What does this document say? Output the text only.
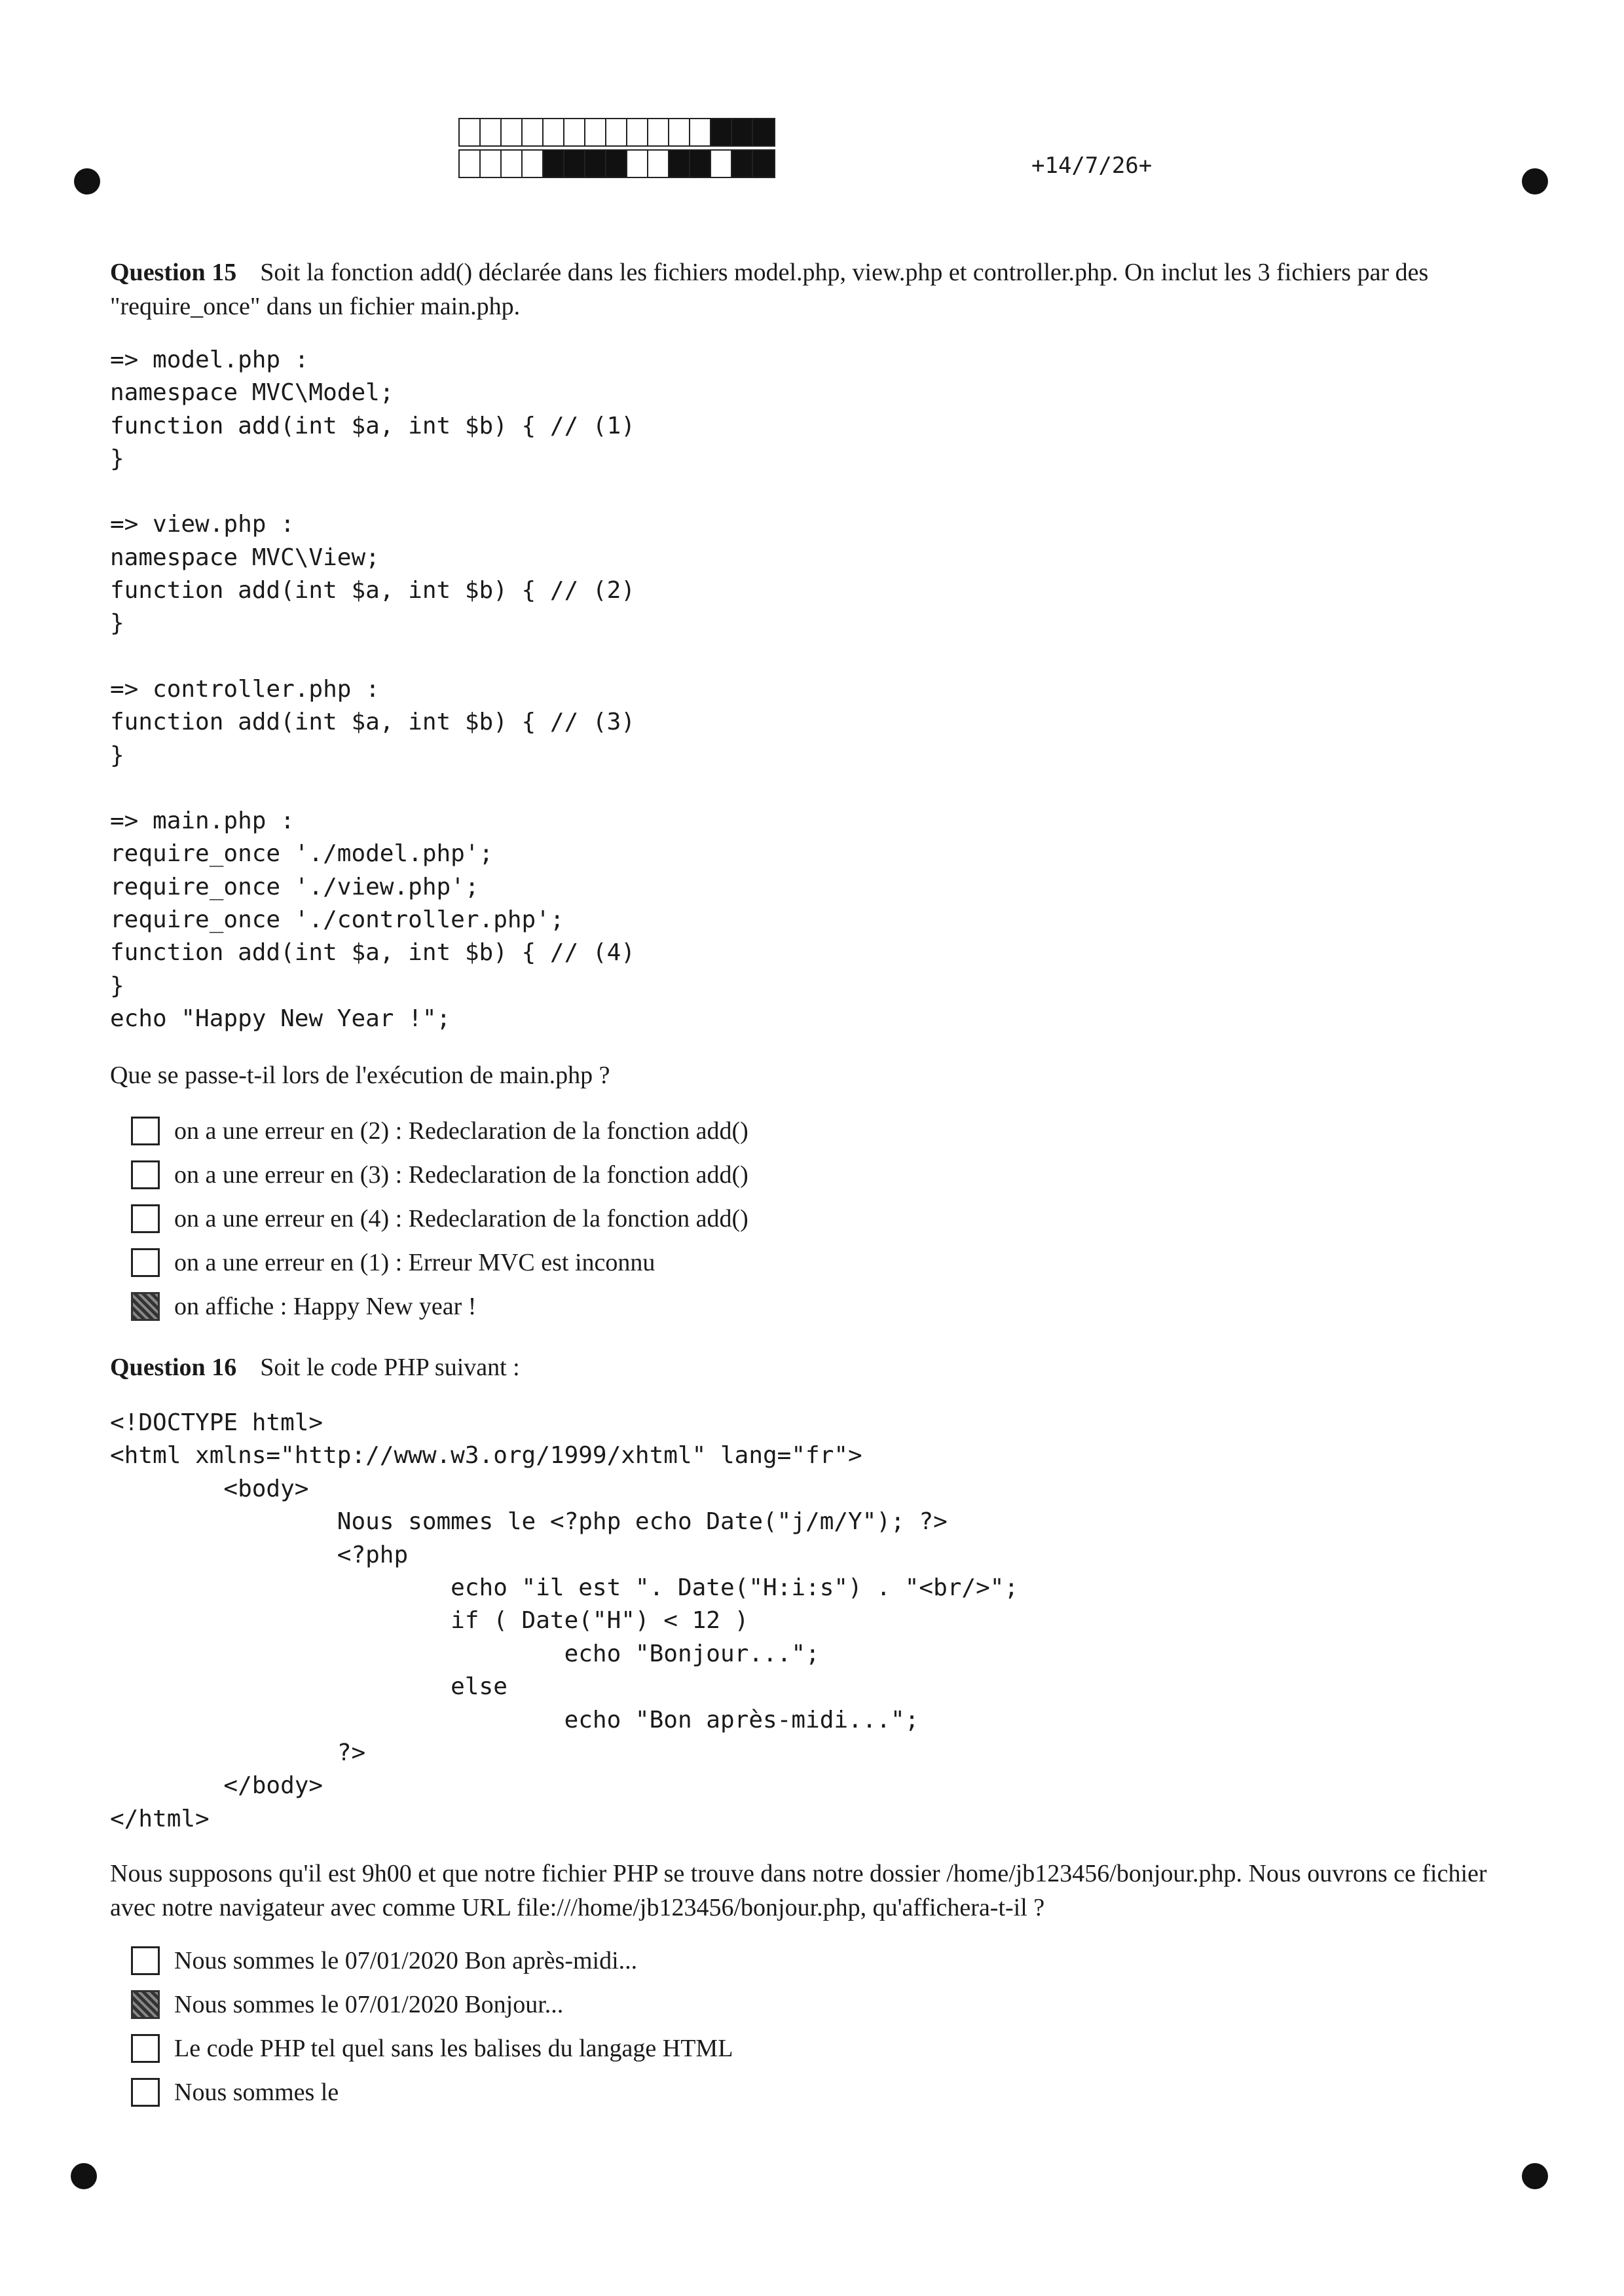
+14/7/26+
Question 15 Soit la fonction add() déclarée dans les fichiers model.php, view.php et controller.php. On inclut les 3 fichiers par des "require_once" dans un fichier main.php.
=> model.php :
namespace MVC\Model;
function add(int $a, int $b) { // (1)
}

=> view.php :
namespace MVC\View;
function add(int $a, int $b) { // (2)
}

=> controller.php :
function add(int $a, int $b) { // (3)
}

=> main.php :
require_once './model.php';
require_once './view.php';
require_once './controller.php';
function add(int $a, int $b) { // (4)
}
echo "Happy New Year !";
Que se passe-t-il lors de l'exécution de main.php ?
on a une erreur en (2) : Redeclaration de la fonction add()
on a une erreur en (3) : Redeclaration de la fonction add()
on a une erreur en (4) : Redeclaration de la fonction add()
on a une erreur en (1) : Erreur MVC est inconnu
on affiche : Happy New year !
Question 16 Soit le code PHP suivant :
<!DOCTYPE html>
<html xmlns="http://www.w3.org/1999/xhtml" lang="fr">
<body>
Nous sommes le <?php echo Date("j/m/Y"); ?>
<?php
echo "il est ". Date("H:i:s") . "<br/>";
if ( Date("H") < 12 )
echo "Bonjour...";
else
echo "Bon après-midi...";
?>
</body>
</html>
Nous supposons qu'il est 9h00 et que notre fichier PHP se trouve dans notre dossier /home/jb123456/bonjour.php. Nous ouvrons ce fichier avec notre navigateur avec comme URL file:///home/jb123456/bonjour.php, qu'affichera-t-il ?
Nous sommes le 07/01/2020 Bon après-midi...
Nous sommes le 07/01/2020 Bonjour...
Le code PHP tel quel sans les balises du langage HTML
Nous sommes le
